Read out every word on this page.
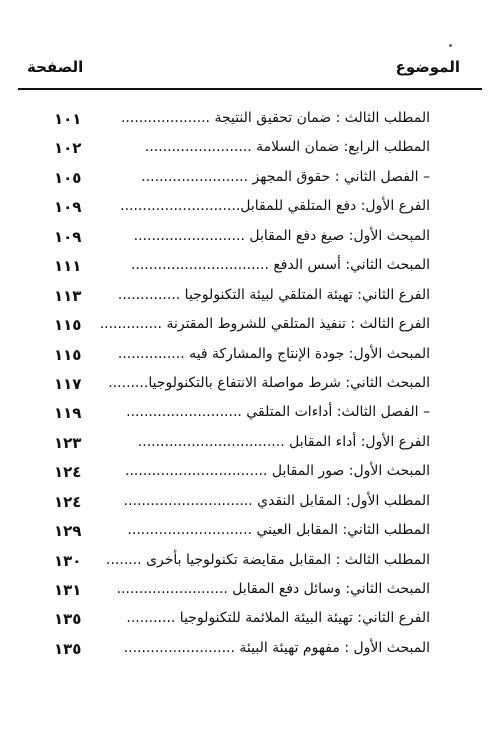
الموضوع
الصفحة
المطلب الثالث : ضمان تحقيق النتيجة ....................
١٠١
المطلب الرابع: ضمان السلامة ........................
١٠٢
– الفصل الثاني : حقوق المجهز ........................
١٠٥
الفرع الأول: دفع المتلقي للمقابل...........................
١٠٩
المبحث الأول: صيغ دفع المقابل .........................
١٠٩
المبحث الثاني: أسس الدفع ...............................
١١١
الفرع الثاني: تهيئة المتلقي لبيئة التكنولوجيا ..............
١١٣
الفرع الثالث : تنفيذ المتلقي للشروط المقترنة ..............
١١٥
المبحث الأول: جودة الإنتاج والمشاركة فيه ...............
١١٥
المبحث الثاني: شرط مواصلة الانتفاع بالتكنولوجيا.........
١١٧
– الفصل الثالث: أداءات المتلقي ..........................
١١٩
الفرع الأول: أداء المقابل .................................
١٢٣
المبحث الأول: صور المقابل ................................
١٢٤
المطلب الأول: المقابل النقدي .............................
١٢٤
المطلب الثاني: المقابل العيني ............................
١٢٩
المطلب الثالث : المقابل مقايضة تكنولوجيا بأخرى ........
١٣٠
المبحث الثاني: وسائل دفع المقابل .........................
١٣١
الفرع الثاني: تهيئة البيئة الملائمة للتكنولوجيا ...........
١٣٥
المبحث الأول : مفهوم تهيئة البيئة .........................
١٣٥
